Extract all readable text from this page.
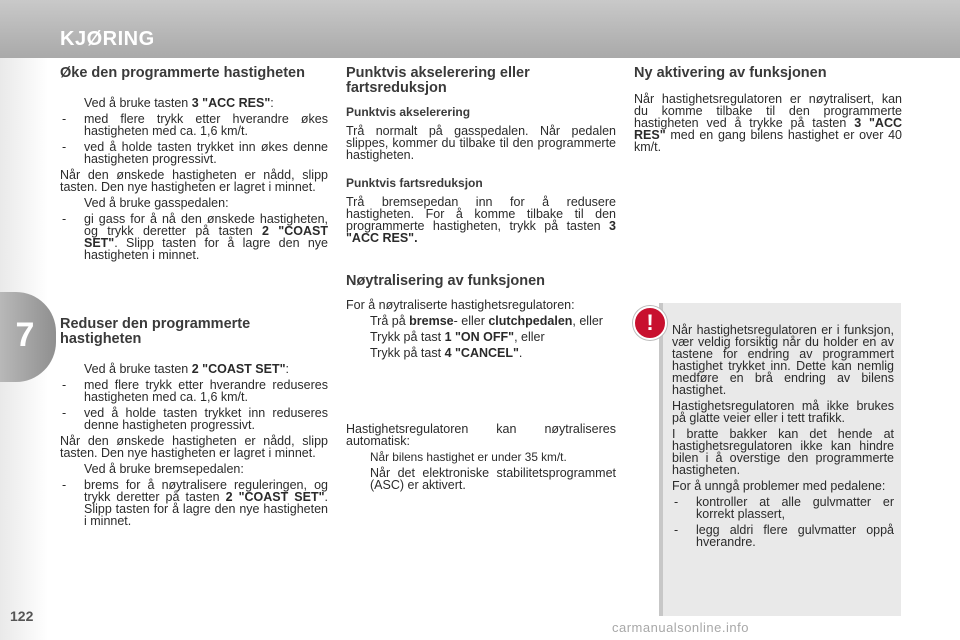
KJØRING
7
Øke den programmerte hastigheten
Ved å bruke tasten 3 "ACC RES":
- med flere trykk etter hverandre økes hastigheten med ca. 1,6 km/t.
- ved å holde tasten trykket inn økes denne hastigheten progressivt.

Når den ønskede hastigheten er nådd, slipp tasten. Den nye hastigheten er lagret i minnet.

Ved å bruke gasspedalen:
- gi gass for å nå den ønskede hastigheten, og trykk deretter på tasten 2 "COAST SET". Slipp tasten for å lagre den nye hastigheten i minnet.
Reduser den programmerte hastigheten
Ved å bruke tasten 2 "COAST SET":
- med flere trykk etter hverandre reduseres hastigheten med ca. 1,6 km/t.
- ved å holde tasten trykket inn reduseres denne hastigheten progressivt.

Når den ønskede hastigheten er nådd, slipp tasten. Den nye hastigheten er lagret i minnet.

Ved å bruke bremsepedalen:
- brems for å nøytralisere reguleringen, og trykk deretter på tasten 2 "COAST SET". Slipp tasten for å lagre den nye hastigheten i minnet.
Punktvis akselerering eller fartsreduksjon
Punktvis akselerering

Trå normalt på gasspedalen. Når pedalen slippes, kommer du tilbake til den programmerte hastigheten.

Punktvis fartsreduksjon

Trå bremsepedan inn for å redusere hastigheten. For å komme tilbake til den programmerte hastigheten, trykk på tasten 3 "ACC RES".

Nøytralisering av funksjonen

For å nøytraliserte hastighetsregulatoren:

Trå på bremse- eller clutchpedalen, eller
Trykk på tast 1 "ON OFF", eller
Trykk på tast 4 "CANCEL".

Hastighetsregulatoren kan nøytraliseres automatisk:

Når bilens hastighet er under 35 km/t.
Når det elektroniske stabilitetsprogrammet (ASC) er aktivert.
Ny aktivering av funksjonen

Når hastighetsregulatoren er nøytralisert, kan du komme tilbake til den programmerte hastigheten ved å trykke på tasten 3 "ACC RES" med en gang bilens hastighet er over 40 km/t.

!	Når hastighetsregulatoren er i funksjon, vær veldig forsiktig når du holder en av tastene for endring av programmert hastighet trykket inn. Dette kan nemlig medføre en brå endring av bilens hastighet.

Hastighetsregulatoren må ikke brukes på glatte veier eller i tett trafikk.

I bratte bakker kan det hende at hastighetsregulatoren ikke kan hindre bilen i å overstige den programmerte hastigheten.

For å unngå problemer med pedalene:

- kontroller at alle gulvmatter er korrekt plassert,
- legg aldri flere gulvmatter oppå hverandre.
122
carmanualsonline.info
